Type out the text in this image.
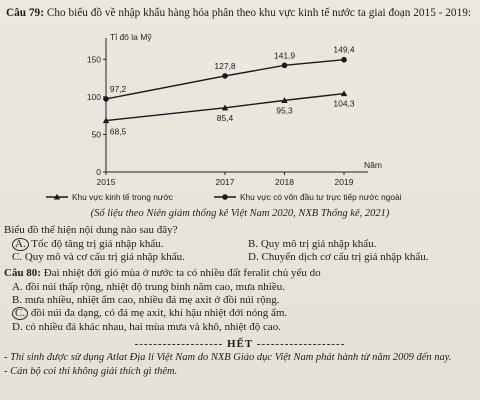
Câu 79: Cho biểu đồ về nhập khẩu hàng hóa phân theo khu vực kinh tế nước ta giai đoạn 2015 - 2019:
0
50
100
150
2015	2017	2018	2019
Tỉ đô la Mỹ
Năm
68,5
85,4
95,3
104,3
97,2
127,8
141,9
149,4
Khu vực kinh tế trong nước	Khu vực có vốn đầu tư trực tiếp nước ngoài
(Số liệu theo Niên giám thống kê Việt Nam 2020, NXB Thống kê, 2021)
Biểu đồ thể hiện nội dung nào sau đây?
A. Tốc độ tăng trị giá nhập khẩu.	B. Quy mô trị giá nhập khẩu.
C. Quy mô và cơ cấu trị giá nhập khẩu.	D. Chuyển dịch cơ cấu trị giá nhập khẩu.
Câu 80: Đai nhiệt đới gió mùa ở nước ta có nhiều đất feralit chủ yếu do
A. đồi núi thấp rộng, nhiệt độ trung bình năm cao, mưa nhiều.
B. mưa nhiều, nhiệt ẩm cao, nhiều đá mẹ axit ở đồi núi rộng.
C. đồi núi đa dạng, có đá mẹ axit, khí hậu nhiệt đới nóng ẩm.
D. có nhiều đá khác nhau, hai mùa mưa và khô, nhiệt độ cao.
------------------- HẾT -------------------
- Thí sinh được sử dụng Atlat Địa lí Việt Nam do NXB Giáo dục Việt Nam phát hành từ năm 2009 đến nay.
- Cán bộ coi thi không giải thích gì thêm.
